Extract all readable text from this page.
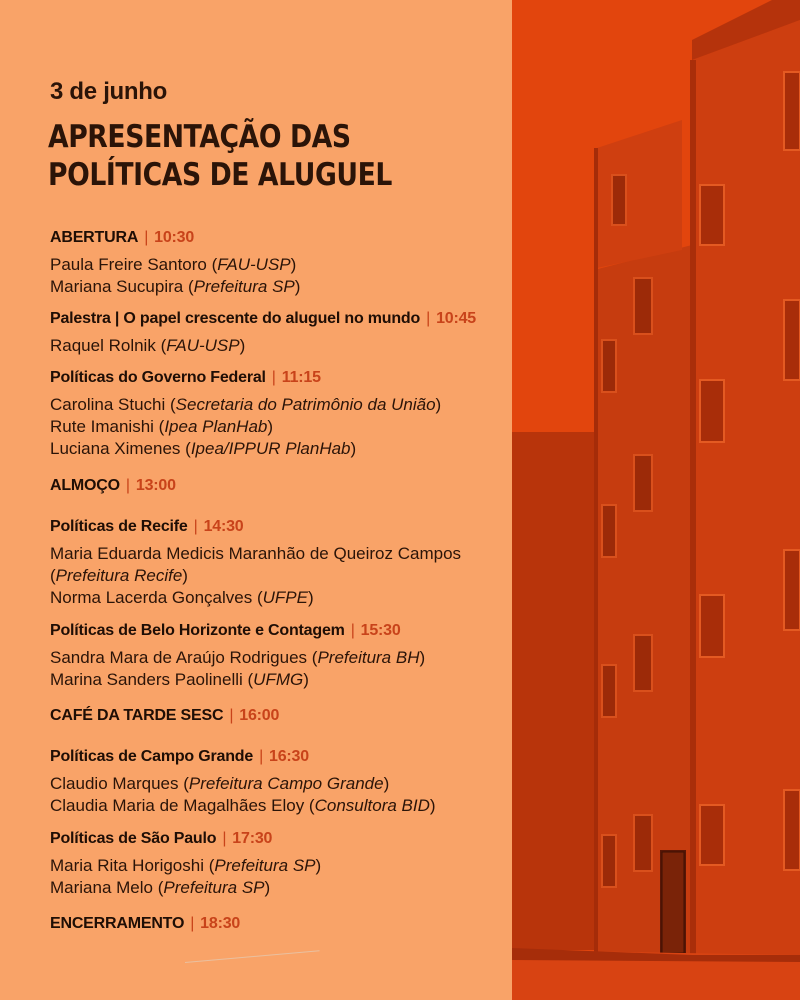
3 de junho
APRESENTAÇÃO DAS
POLÍTICAS DE ALUGUEL
ABERTURA | 10:30
Paula Freire Santoro (FAU-USP)
Mariana Sucupira (Prefeitura SP)
Palestra | O papel crescente do aluguel no mundo | 10:45
Raquel Rolnik (FAU-USP)
Políticas do Governo Federal | 11:15
Carolina Stuchi (Secretaria do Patrimônio da União)
Rute Imanishi (Ipea PlanHab)
Luciana Ximenes (Ipea/IPPUR PlanHab)
ALMOÇO | 13:00
Políticas de Recife | 14:30
Maria Eduarda Medicis Maranhão de Queiroz Campos
(Prefeitura Recife)
Norma Lacerda Gonçalves (UFPE)
Políticas de Belo Horizonte e Contagem | 15:30
Sandra Mara de Araújo Rodrigues (Prefeitura BH)
Marina Sanders Paolinelli (UFMG)
CAFÉ DA TARDE SESC | 16:00
Políticas de Campo Grande | 16:30
Claudio Marques (Prefeitura Campo Grande)
Claudia Maria de Magalhães Eloy (Consultora BID)
Políticas de São Paulo | 17:30
Maria Rita Horigoshi (Prefeitura SP)
Mariana Melo (Prefeitura SP)
ENCERRAMENTO | 18:30
